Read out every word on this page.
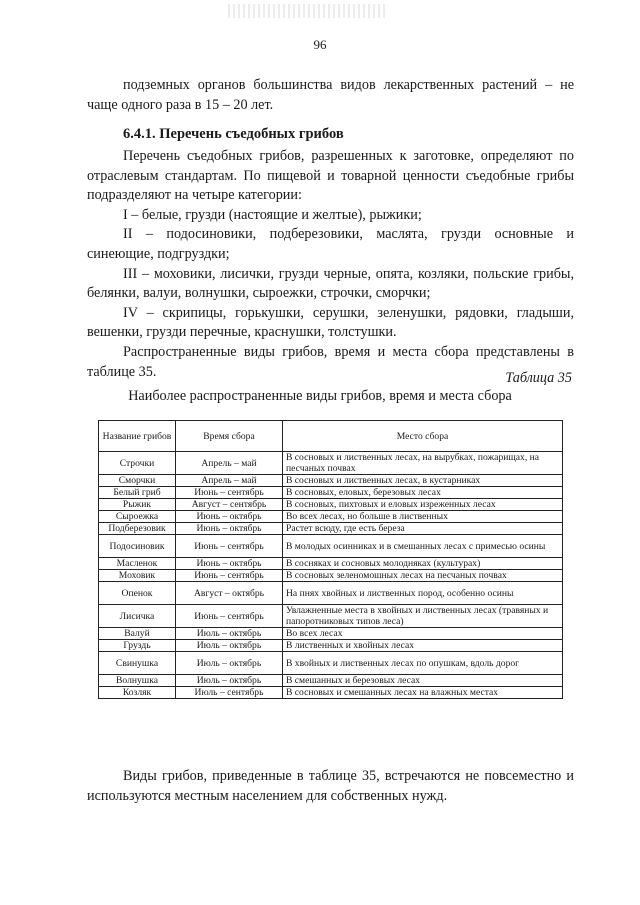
96

подземных органов большинства видов лекарственных растений – не чаще одного раза в 15 – 20 лет.

6.4.1. Перечень съедобных грибов

Перечень съедобных грибов, разрешенных к заготовке, определяют по отраслевым стандартам. По пищевой и товарной ценности съедобные грибы подразделяют на четыре категории:

I – белые, грузди (настоящие и желтые), рыжики;

II – подосиновики, подберезовики, маслята, грузди основные и синеющие, подгруздки;

III – моховики, лисички, грузди черные, опята, козляки, польские грибы, белянки, валуи, волнушки, сыроежки, строчки, сморчки;

IV – скрипицы, горькушки, серушки, зеленушки, рядовки, гладыши, вешенки, грузди перечные, краснушки, толстушки.

Распространенные виды грибов, время и места сбора представлены в таблице 35.	Таблица 35
Наиболее распространенные виды грибов, время и места сбора
Название грибов	Время сбора	Место сбора
Строчки	Апрель – май	В сосновых и лиственных лесах, на вырубках, пожарищах, на песчаных почвах
Сморчки	Апрель – май	В сосновых и лиственных лесах, в кустарниках
Белый гриб	Июнь – сентябрь	В сосновых, еловых, березовых лесах
Рыжик	Август – сентябрь	В сосновых, пихтовых и еловых изреженных лесах
Сыроежка	Июнь – октябрь	Во всех лесах, но больше в лиственных
Подберезовик	Июнь – октябрь	Растет всюду, где есть береза
Подосиновик	Июнь – сентябрь	В молодых осинниках и в смешанных лесах с примесью осины
Масленок	Июнь – октябрь	В сосняках и сосновых молодняках (культурах)
Моховик	Июнь – сентябрь	В сосновых зеленомошных лесах на песчаных почвах
Опенок	Август – октябрь	На пнях хвойных и лиственных пород, особенно осины
Лисичка	Июнь – сентябрь	Увлажненные места в хвойных и лиственных лесах (травяных и папоротниковых типов леса)
Валуй	Июль – октябрь	Во всех лесах
Груздь	Июль – октябрь	В лиственных и хвойных лесах
Свинушка	Июль – октябрь	В хвойных и лиственных лесах по опушкам, вдоль дорог
Волнушка	Июль – октябрь	В смешанных и березовых лесах
Козляк	Июль – сентябрь	В сосновых и смешанных лесах на влажных местах

Виды грибов, приведенные в таблице 35, встречаются не повсеместно и используются местным населением для собственных нужд.
